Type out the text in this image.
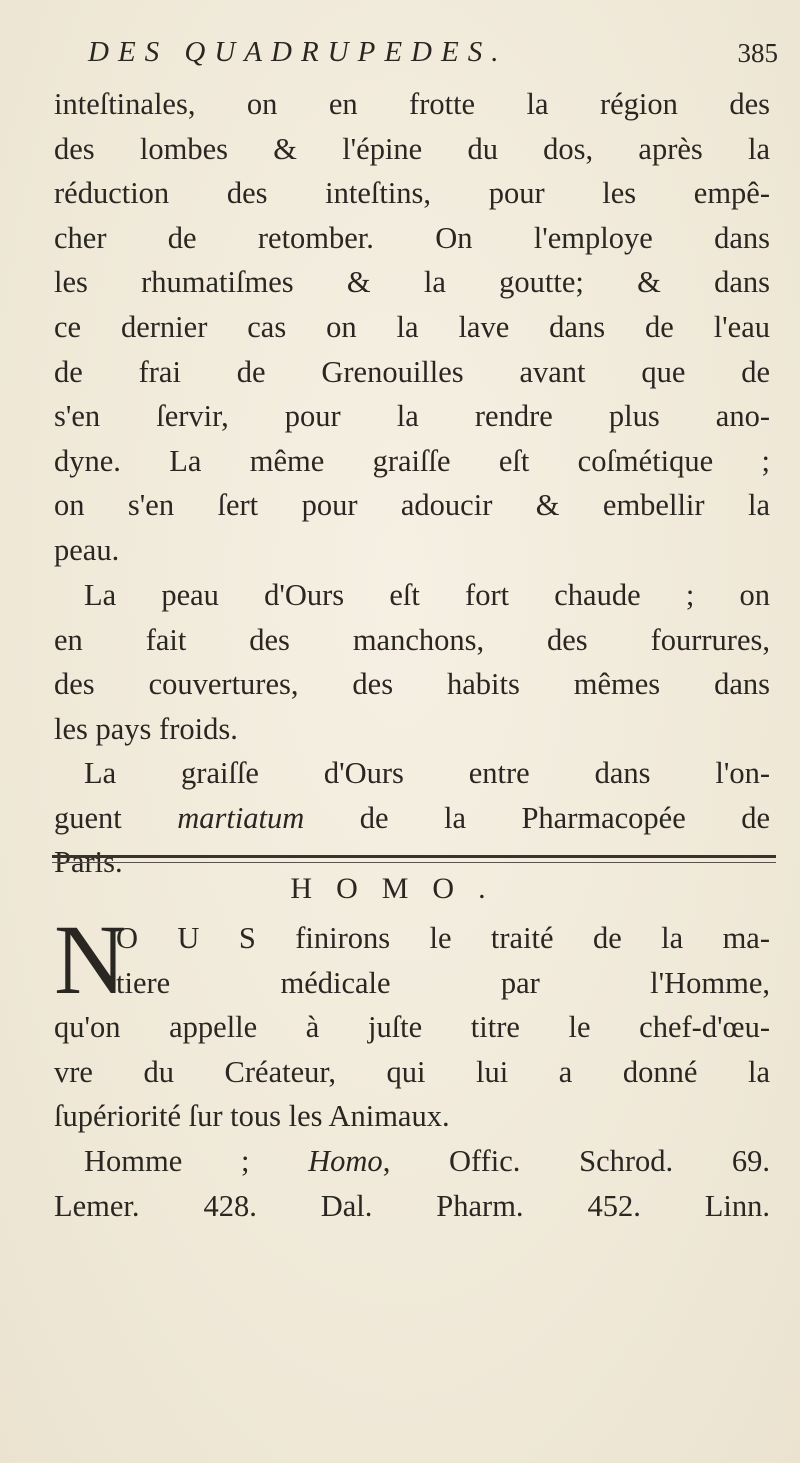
DES QUADRUPEDES.	385
inteſtinales, on en frotte la région des
des lombes & l'épine du dos, après la
réduction des inteſtins, pour les empê-
cher de retomber. On l'employe dans
les rhumatiſmes & la goutte; & dans
ce dernier cas on la lave dans de l'eau
de frai de Grenouilles avant que de
s'en ſervir, pour la rendre plus ano-
dyne. La même graiſſe eſt coſmétique ;
on s'en ſert pour adoucir & embellir la
peau.
La peau d'Ours eſt fort chaude ; on
en fait des manchons, des fourrures,
des couvertures, des habits mêmes dans
les pays froids.
La graiſſe d'Ours entre dans l'on-
guent martiatum de la Pharmacopée de
Paris.
HOMO.
N
O U S finirons le traité de la ma-
tiere médicale par l'Homme,
qu'on appelle à juſte titre le chef-d'œu-
vre du Créateur, qui lui a donné la
ſupériorité ſur tous les Animaux.
Homme ; Homo, Offic. Schrod. 69.
Lemer. 428. Dal. Pharm. 452. Linn.
